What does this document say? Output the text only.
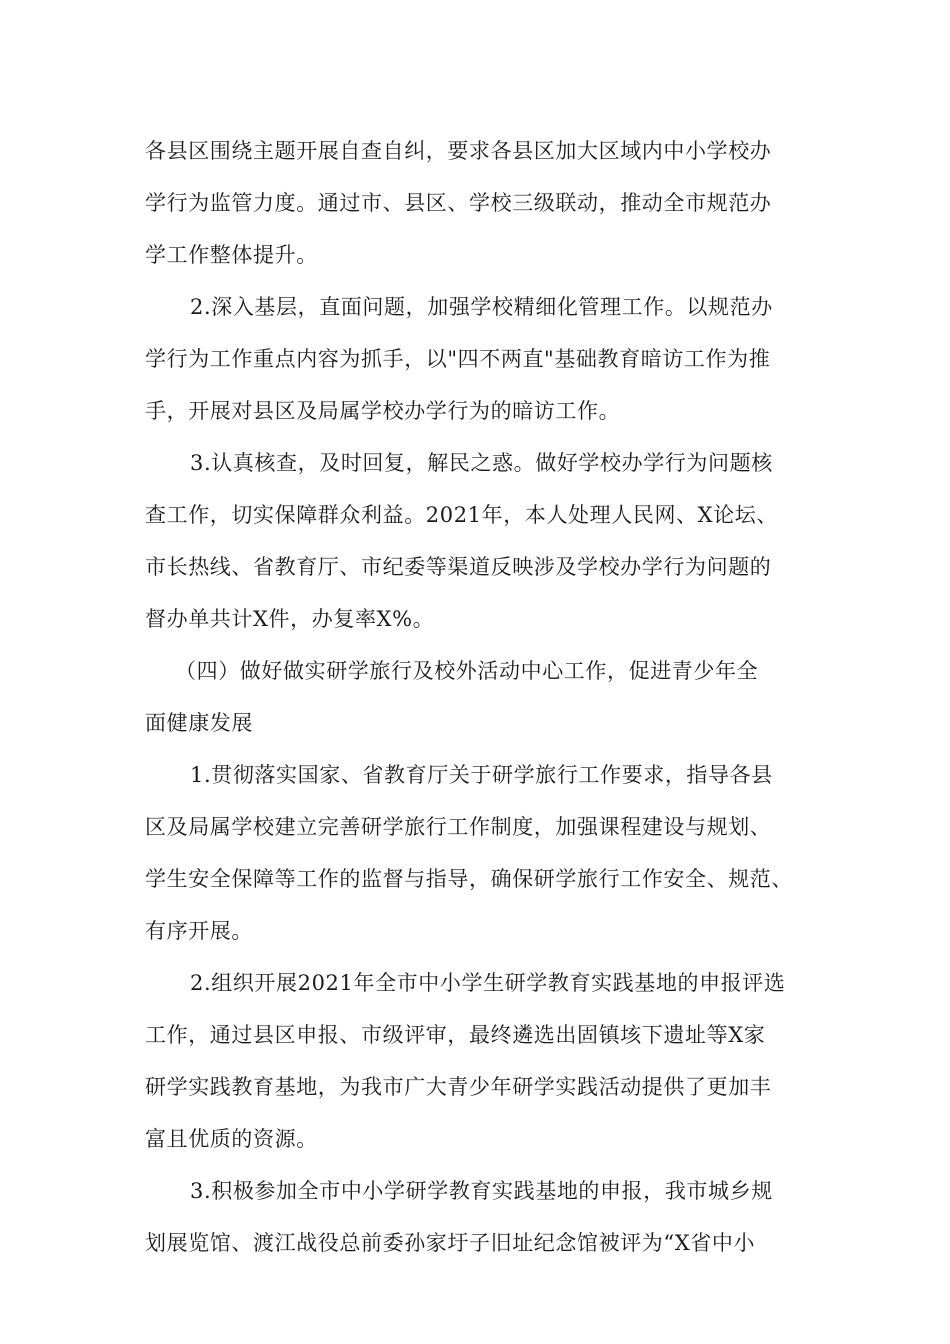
各县区围绕主题开展自查自纠，要求各县区加大区域内中小学校办
学行为监管力度。通过市、县区、学校三级联动，推动全市规范办
学工作整体提升。
2.深入基层，直面问题，加强学校精细化管理工作。以规范办
学行为工作重点内容为抓手，以"四不两直"基础教育暗访工作为推
手，开展对县区及局属学校办学行为的暗访工作。
3.认真核查，及时回复，解民之惑。做好学校办学行为问题核
查工作，切实保障群众利益。2021年，本人处理人民网、X论坛、
市长热线、省教育厅、市纪委等渠道反映涉及学校办学行为问题的
督办单共计X件，办复率X%。
（四）做好做实研学旅行及校外活动中心工作，促进青少年全
面健康发展
1.贯彻落实国家、省教育厅关于研学旅行工作要求，指导各县
区及局属学校建立完善研学旅行工作制度，加强课程建设与规划、
学生安全保障等工作的监督与指导，确保研学旅行工作安全、规范、
有序开展。
2.组织开展2021年全市中小学生研学教育实践基地的申报评选
工作，通过县区申报、市级评审，最终遴选出固镇垓下遗址等X家
研学实践教育基地，为我市广大青少年研学实践活动提供了更加丰
富且优质的资源。
3.积极参加全市中小学研学教育实践基地的申报，我市城乡规
划展览馆、渡江战役总前委孙家圩子旧址纪念馆被评为“X省中小
